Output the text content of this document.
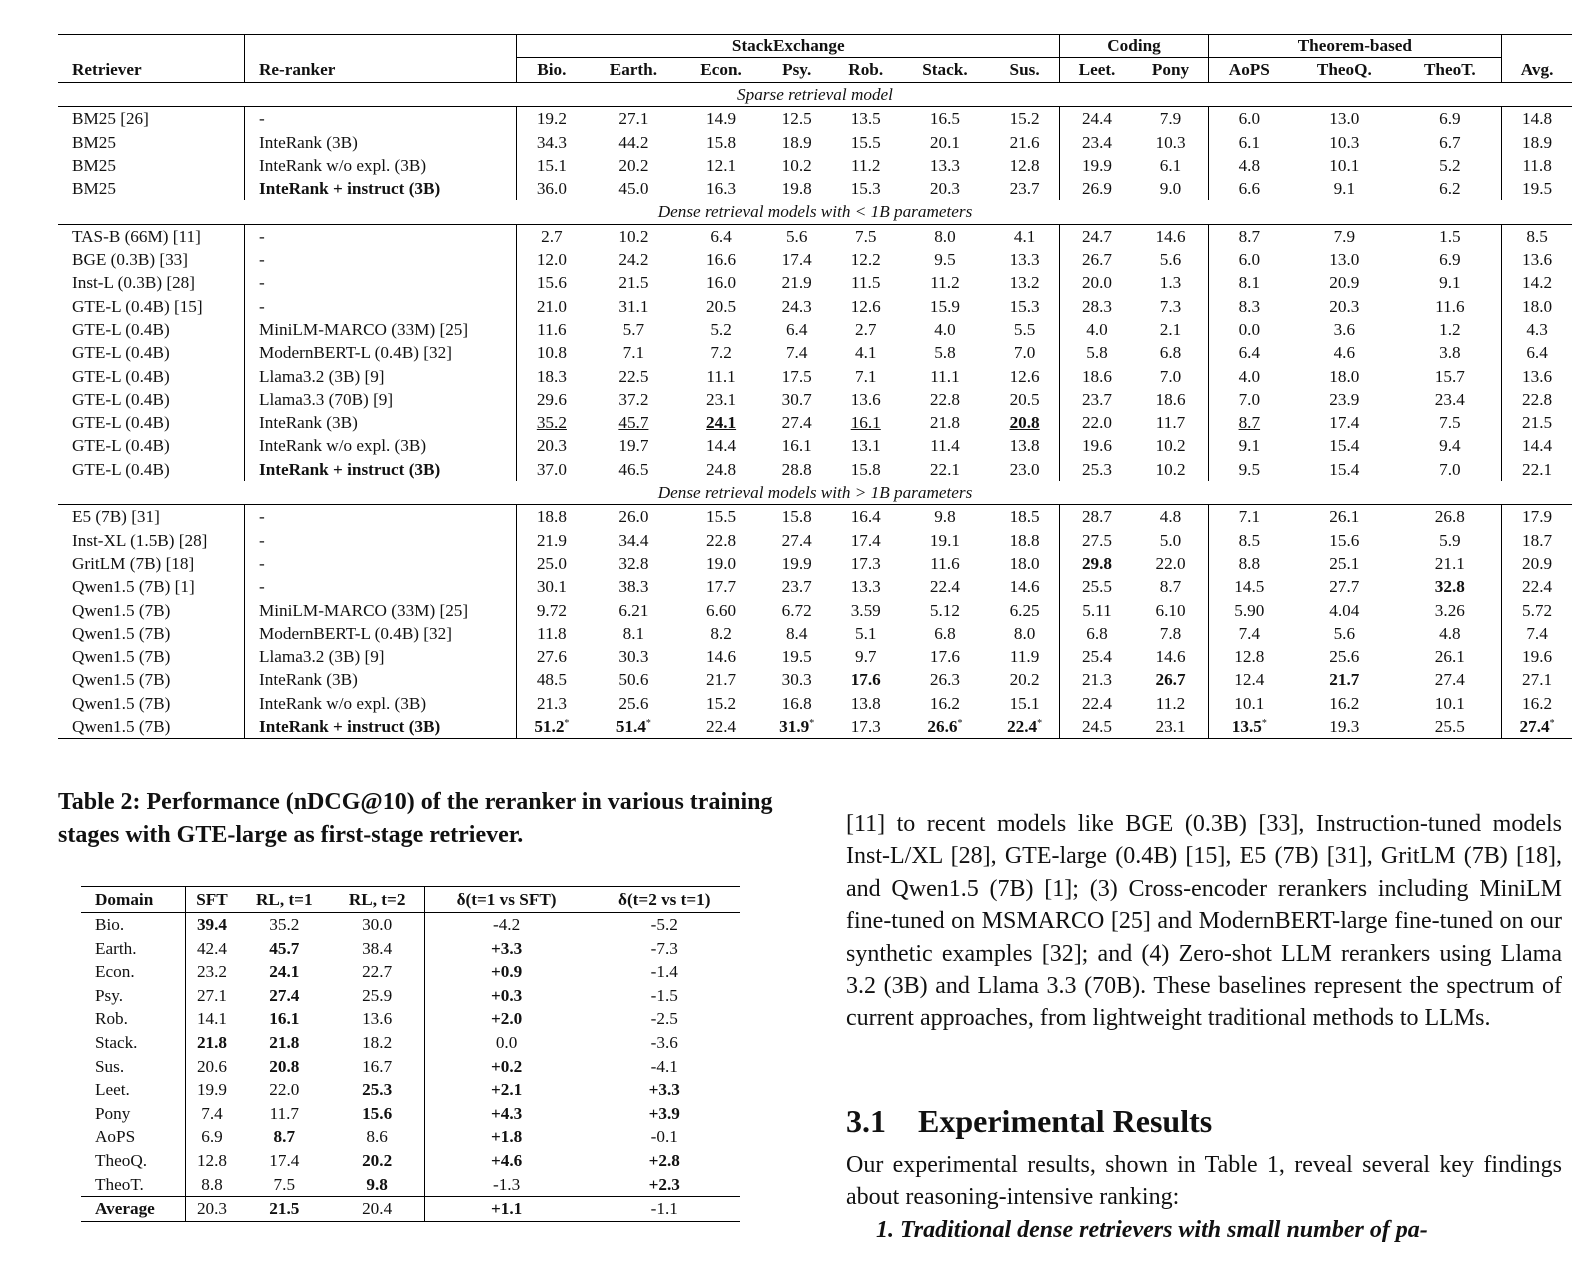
		StackExchange							Coding		Theorem-based			
Retriever	Re-ranker	Bio.	Earth.	Econ.	Psy.	Rob.	Stack.	Sus.	Leet.	Pony	AoPS	TheoQ.	TheoT.	Avg.
Sparse retrieval model														
BM25 [26]	-	19.2	27.1	14.9	12.5	13.5	16.5	15.2	24.4	7.9	6.0	13.0	6.9	14.8
BM25	InteRank (3B)	34.3	44.2	15.8	18.9	15.5	20.1	21.6	23.4	10.3	6.1	10.3	6.7	18.9
BM25	InteRank w/o expl. (3B)	15.1	20.2	12.1	10.2	11.2	13.3	12.8	19.9	6.1	4.8	10.1	5.2	11.8
BM25	InteRank + instruct (3B)	36.0	45.0	16.3	19.8	15.3	20.3	23.7	26.9	9.0	6.6	9.1	6.2	19.5
Dense retrieval models with < 1B parameters														
TAS-B (66M) [11]	-	2.7	10.2	6.4	5.6	7.5	8.0	4.1	24.7	14.6	8.7	7.9	1.5	8.5
BGE (0.3B) [33]	-	12.0	24.2	16.6	17.4	12.2	9.5	13.3	26.7	5.6	6.0	13.0	6.9	13.6
Inst-L (0.3B) [28]	-	15.6	21.5	16.0	21.9	11.5	11.2	13.2	20.0	1.3	8.1	20.9	9.1	14.2
GTE-L (0.4B) [15]	-	21.0	31.1	20.5	24.3	12.6	15.9	15.3	28.3	7.3	8.3	20.3	11.6	18.0
GTE-L (0.4B)	MiniLM-MARCO (33M) [25]	11.6	5.7	5.2	6.4	2.7	4.0	5.5	4.0	2.1	0.0	3.6	1.2	4.3
GTE-L (0.4B)	ModernBERT-L (0.4B) [32]	10.8	7.1	7.2	7.4	4.1	5.8	7.0	5.8	6.8	6.4	4.6	3.8	6.4
GTE-L (0.4B)	Llama3.2 (3B) [9]	18.3	22.5	11.1	17.5	7.1	11.1	12.6	18.6	7.0	4.0	18.0	15.7	13.6
GTE-L (0.4B)	Llama3.3 (70B) [9]	29.6	37.2	23.1	30.7	13.6	22.8	20.5	23.7	18.6	7.0	23.9	23.4	22.8
GTE-L (0.4B)	InteRank (3B)	35.2	45.7	24.1	27.4	16.1	21.8	20.8	22.0	11.7	8.7	17.4	7.5	21.5
GTE-L (0.4B)	InteRank w/o expl. (3B)	20.3	19.7	14.4	16.1	13.1	11.4	13.8	19.6	10.2	9.1	15.4	9.4	14.4
GTE-L (0.4B)	InteRank + instruct (3B)	37.0	46.5	24.8	28.8	15.8	22.1	23.0	25.3	10.2	9.5	15.4	7.0	22.1
Dense retrieval models with > 1B parameters														
E5 (7B) [31]	-	18.8	26.0	15.5	15.8	16.4	9.8	18.5	28.7	4.8	7.1	26.1	26.8	17.9
Inst-XL (1.5B) [28]	-	21.9	34.4	22.8	27.4	17.4	19.1	18.8	27.5	5.0	8.5	15.6	5.9	18.7
GritLM (7B) [18]	-	25.0	32.8	19.0	19.9	17.3	11.6	18.0	29.8	22.0	8.8	25.1	21.1	20.9
Qwen1.5 (7B) [1]	-	30.1	38.3	17.7	23.7	13.3	22.4	14.6	25.5	8.7	14.5	27.7	32.8	22.4
Qwen1.5 (7B)	MiniLM-MARCO (33M) [25]	9.72	6.21	6.60	6.72	3.59	5.12	6.25	5.11	6.10	5.90	4.04	3.26	5.72
Qwen1.5 (7B)	ModernBERT-L (0.4B) [32]	11.8	8.1	8.2	8.4	5.1	6.8	8.0	6.8	7.8	7.4	5.6	4.8	7.4
Qwen1.5 (7B)	Llama3.2 (3B) [9]	27.6	30.3	14.6	19.5	9.7	17.6	11.9	25.4	14.6	12.8	25.6	26.1	19.6
Qwen1.5 (7B)	InteRank (3B)	48.5	50.6	21.7	30.3	17.6	26.3	20.2	21.3	26.7	12.4	21.7	27.4	27.1
Qwen1.5 (7B)	InteRank w/o expl. (3B)	21.3	25.6	15.2	16.8	13.8	16.2	15.1	22.4	11.2	10.1	16.2	10.1	16.2
Qwen1.5 (7B)	InteRank + instruct (3B)	51.2*	51.4*	22.4	31.9*	17.3	26.6*	22.4*	24.5	23.1	13.5*	19.3	25.5	27.4*
Table 2: Performance (nDCG@10) of the reranker in various training stages with GTE-large as first-stage retriever.
Domain	SFT	RL, t=1	RL, t=2	δ(t=1 vs SFT)	δ(t=2 vs t=1)
Bio.	39.4	35.2	30.0	-4.2	-5.2
Earth.	42.4	45.7	38.4	+3.3	-7.3
Econ.	23.2	24.1	22.7	+0.9	-1.4
Psy.	27.1	27.4	25.9	+0.3	-1.5
Rob.	14.1	16.1	13.6	+2.0	-2.5
Stack.	21.8	21.8	18.2	0.0	-3.6
Sus.	20.6	20.8	16.7	+0.2	-4.1
Leet.	19.9	22.0	25.3	+2.1	+3.3
Pony	7.4	11.7	15.6	+4.3	+3.9
AoPS	6.9	8.7	8.6	+1.8	-0.1
TheoQ.	12.8	17.4	20.2	+4.6	+2.8
TheoT.	8.8	7.5	9.8	-1.3	+2.3
Average	20.3	21.5	20.4	+1.1	-1.1

[11] to recent models like BGE (0.3B) [33], Instruction-tuned models Inst-L/XL [28], GTE-large (0.4B) [15], E5 (7B) [31], GritLM (7B) [18], and Qwen1.5 (7B) [1]; (3) Cross-encoder rerankers including MiniLM fine-tuned on MSMARCO [25] and ModernBERT-large fine-tuned on our synthetic examples [32]; and (4) Zero-shot LLM rerankers using Llama 3.2 (3B) and Llama 3.3 (70B). These baselines represent the spectrum of current approaches, from lightweight traditional methods to LLMs.

3.1 Experimental Results
Our experimental results, shown in Table 1, reveal several key findings about reasoning-intensive ranking:
1. Traditional dense retrievers with small number of pa-
